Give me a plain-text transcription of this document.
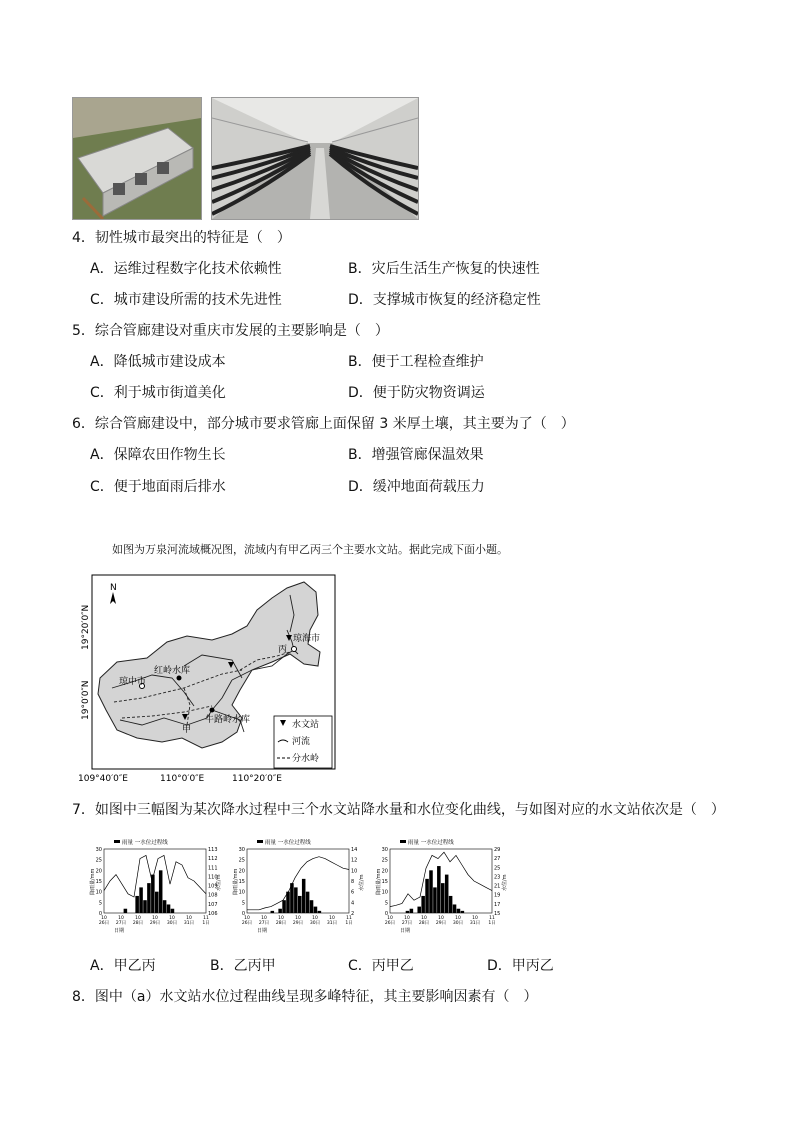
4．韧性城市最突出的特征是（　）
A．运维过程数字化技术依赖性	B．灾后生活生产恢复的快速性
C．城市建设所需的技术先进性	D．支撑城市恢复的经济稳定性
5．综合管廊建设对重庆市发展的主要影响是（　）
A．降低城市建设成本	B．便于工程检查维护
C．利于城市街道美化	D．便于防灾物资调运
6．综合管廊建设中，部分城市要求管廊上面保留 3 米厚土壤，其主要为了（　）
A．保障农田作物生长	B．增强管廊保温效果
C．便于地面雨后排水	D．缓冲地面荷载压力
如图为万泉河流域概况图，流域内有甲乙丙三个主要水文站。据此完成下面小题。
琼海市
丙
红岭水库
琼中市
牛路岭水库
甲
N
19°20′0″N
19°0′0″N
109°40′0″E	110°0′0″E	110°20′0″E
水文站
河流
分水岭
7．如图中三幅图为某次降水过程中三个水文站降水量和水位变化曲线，与如图对应的水文站依次是（　）
雨量 一水位过程线
30
25
20
15
10
5
0
113
112
111
110
109
108
107
106
降雨量/mm	水位/m
10
26日
10
27日
10
28日
10
29日
10
30日
10
31日
11
1日
日期
雨量 一水位过程线
30
25
20
15
10
5
0
14
12
10
8
6
4
2
降雨量/mm	水位/m
10
26日
10
27日
10
28日
10
29日
10
30日
10
31日
11
1日
日期
雨量 一水位过程线
30
25
20
15
10
5
0
29
27
25
23
21
19
17
15
降雨量/mm	水位/m
10
26日
10
27日
10
28日
10
29日
10
30日
10
31日
11
1日
日期
A．甲乙丙	B．乙丙甲	C．丙甲乙	D．甲丙乙
8．图中（a）水文站水位过程曲线呈现多峰特征，其主要影响因素有（　）
